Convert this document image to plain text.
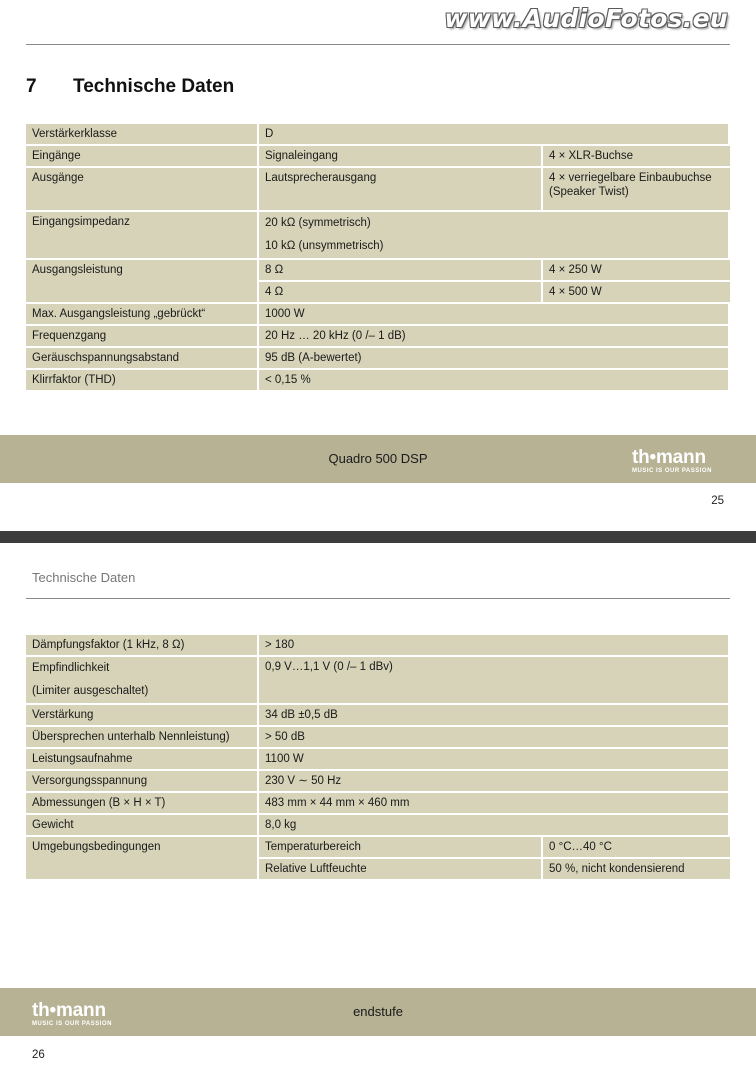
www.AudioFotos.eu
7 Technische Daten
Verstärkerklasse	D	
Eingänge	Signaleingang	4 × XLR-Buchse
Ausgänge	Lautsprecherausgang	4 × verriegelbare Einbaubuchse
(Speaker Twist)

Eingangsimpedanz	20 kΩ (symmetrisch)
10 kΩ (unsymmetrisch)	

Ausgangsleistung	8 Ω	4 × 250 W
	4 Ω	4 × 500 W
Max. Ausgangsleistung „gebrückt“	1000 W	
Frequenzgang	20 Hz … 20 kHz (0 /– 1 dB)	
Geräuschspannungsabstand	95 dB (A-bewertet)	
Klirrfaktor (THD)	< 0,15 %	
Quadro 500 DSP	th•mann
MUSIC IS OUR PASSION
25
Technische Daten
Dämpfungsfaktor (1 kHz, 8 Ω)	> 180	
Empfindlichkeit
(Limiter ausgeschaltet)	0,9 V…1,1 V (0 /– 1 dBv)	
Verstärkung	34 dB ±0,5 dB	
Übersprechen unterhalb Nennleistung)	> 50 dB	
Leistungsaufnahme	1100 W	
Versorgungsspannung	230 V ∼ 50 Hz	
Abmessungen (B × H × T)	483 mm × 44 mm × 460 mm	
Gewicht	8,0 kg	
Umgebungsbedingungen	Temperaturbereich	0 °C…40 °C
	Relative Luftfeuchte	50 %, nicht kondensierend
endstufe
th•mann
MUSIC IS OUR PASSION
26
